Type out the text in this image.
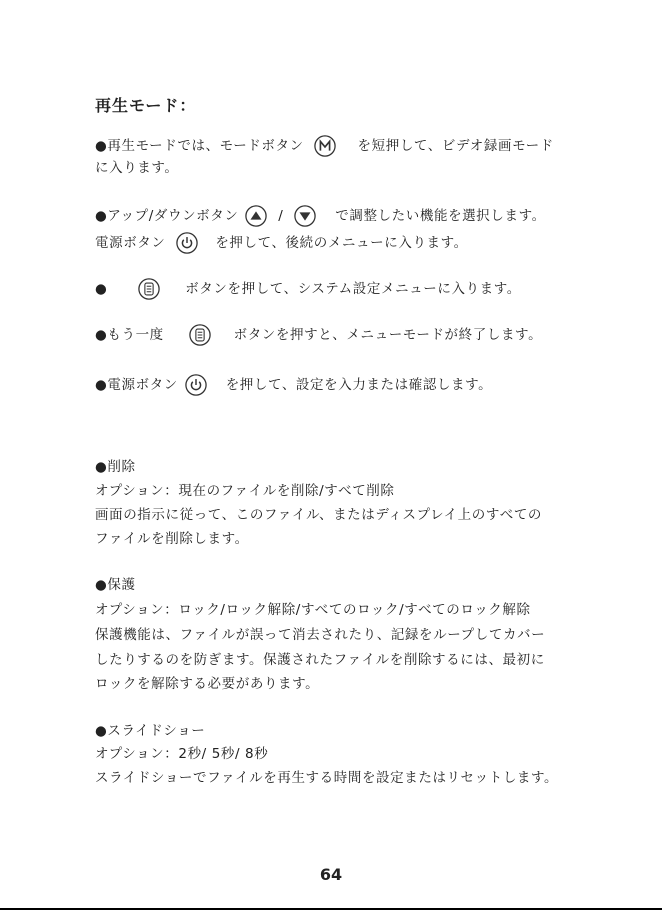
再生モード：
●再生モードでは、モードボタン	を短押して、ビデオ録画モード
に入ります。
●アップ/ダウンボタン	/	で調整したい機能を選択します。
電源ボタン	を押して、後続のメニューに入ります。
●	ボタンを押して、システム設定メニューに入ります。
●もう一度	ボタンを押すと、メニューモードが終了します。
●電源ボタン	を押して、設定を入力または確認します。
●削除
オプション：現在のファイルを削除/すべて削除
画面の指示に従って、このファイル、またはディスプレイ上のすべての
ファイルを削除します。
●保護
オプション：ロック/ロック解除/すべてのロック/すべてのロック解除
保護機能は、ファイルが誤って消去されたり、記録をループしてカバー
したりするのを防ぎます。保護されたファイルを削除するには、最初に
ロックを解除する必要があります。
●スライドショー
オプション：2秒/ 5秒/ 8秒
スライドショーでファイルを再生する時間を設定またはリセットします。
64
